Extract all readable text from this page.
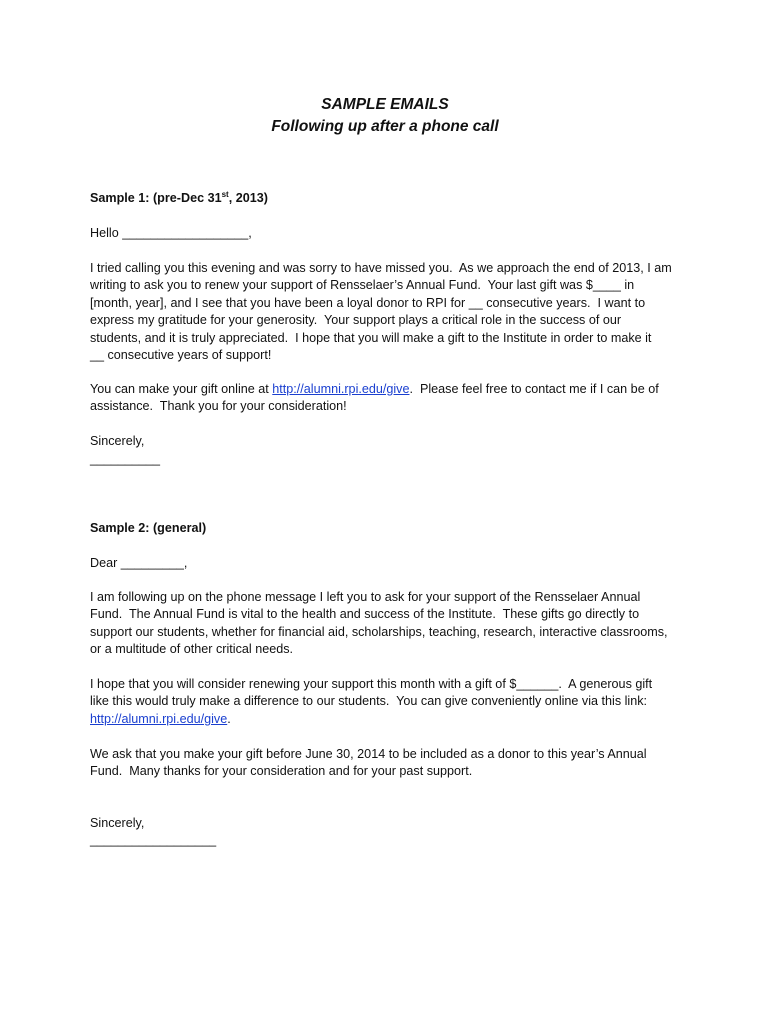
SAMPLE EMAILS
Following up after a phone call
Sample 1: (pre-Dec 31st, 2013)
Hello __________________,
I tried calling you this evening and was sorry to have missed you.  As we approach the end of 2013, I am
writing to ask you to renew your support of Rensselaer’s Annual Fund.  Your last gift was $____ in
[month, year], and I see that you have been a loyal donor to RPI for __ consecutive years.  I want to
express my gratitude for your generosity.  Your support plays a critical role in the success of our
students, and it is truly appreciated.  I hope that you will make a gift to the Institute in order to make it
__ consecutive years of support!
You can make your gift online at http://alumni.rpi.edu/give.  Please feel free to contact me if I can be of
assistance.  Thank you for your consideration!
Sincerely,
__________
Sample 2: (general)
Dear _________,
I am following up on the phone message I left you to ask for your support of the Rensselaer Annual
Fund.  The Annual Fund is vital to the health and success of the Institute.  These gifts go directly to
support our students, whether for financial aid, scholarships, teaching, research, interactive classrooms,
or a multitude of other critical needs.
I hope that you will consider renewing your support this month with a gift of $______.  A generous gift
like this would truly make a difference to our students.  You can give conveniently online via this link:
http://alumni.rpi.edu/give.
We ask that you make your gift before June 30, 2014 to be included as a donor to this year’s Annual
Fund.  Many thanks for your consideration and for your past support.
Sincerely,
__________________
